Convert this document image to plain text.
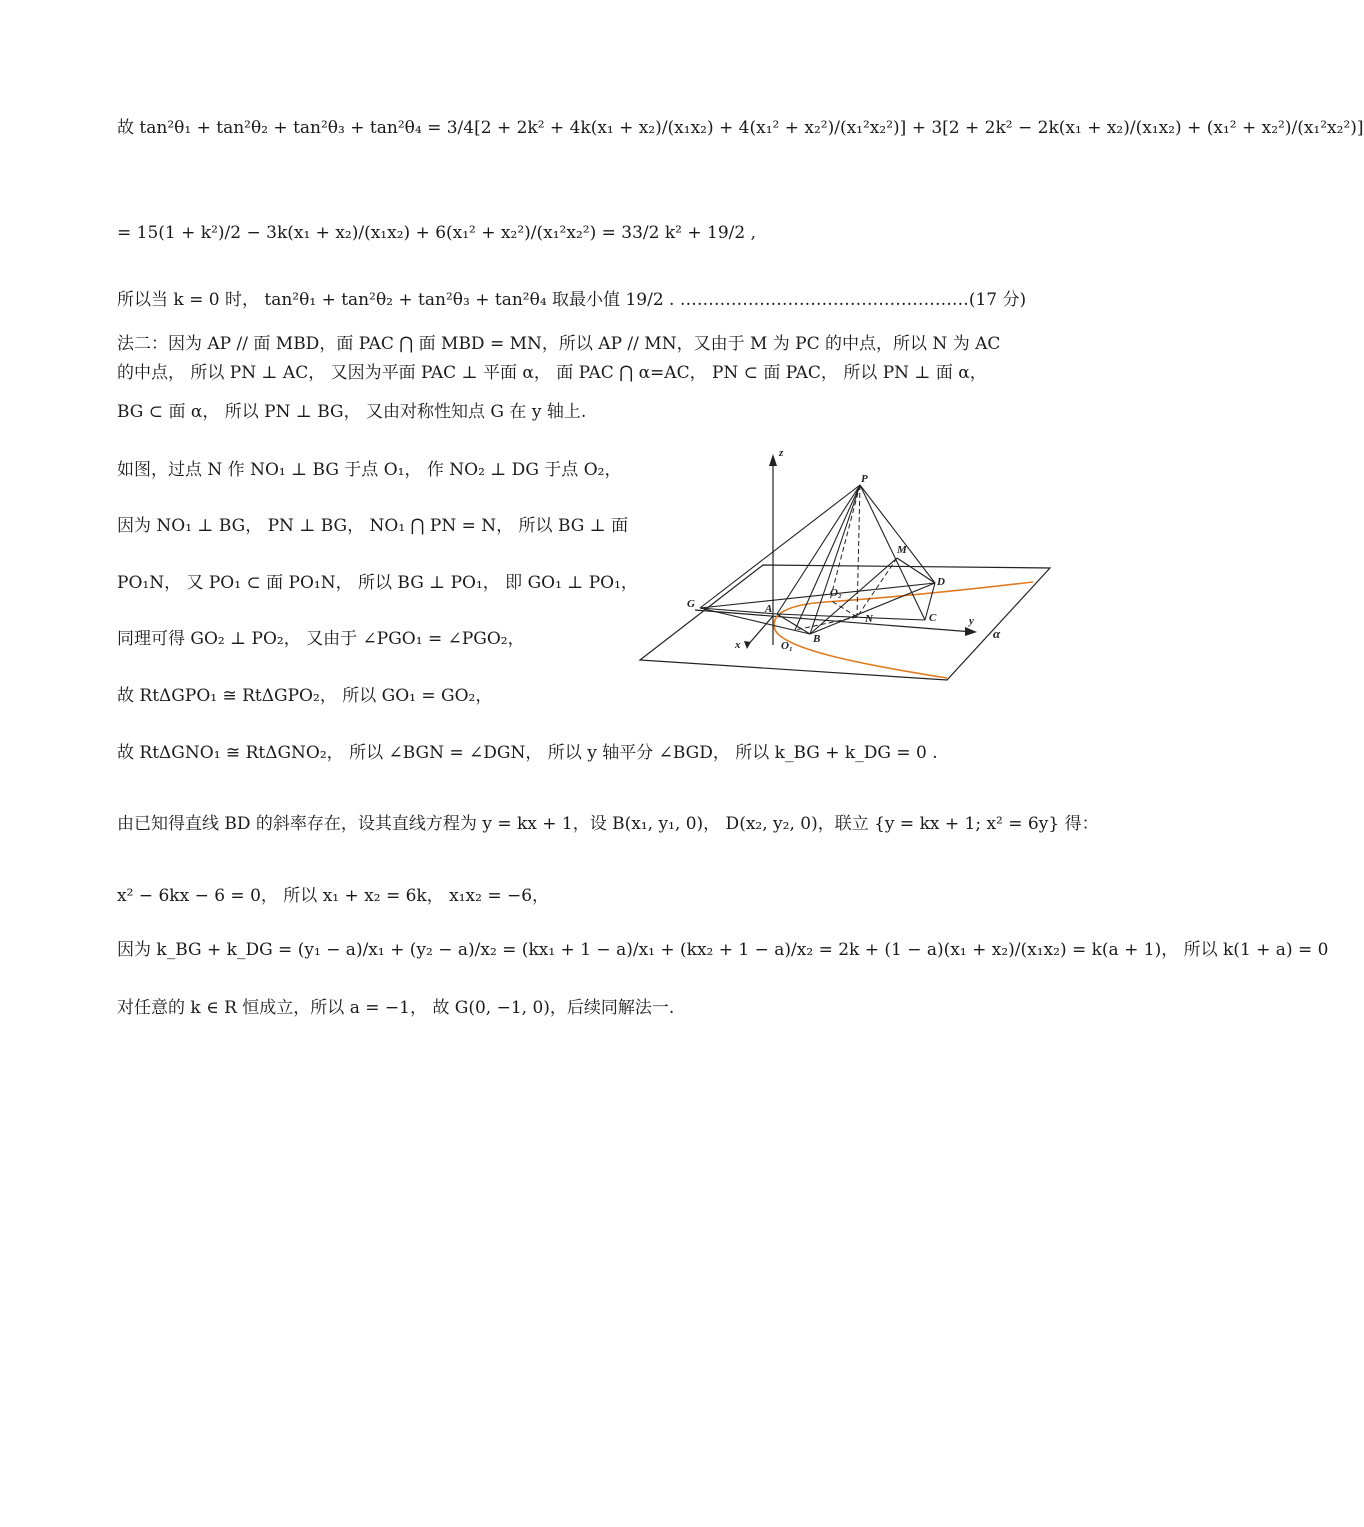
故 tan²θ₁ + tan²θ₂ + tan²θ₃ + tan²θ₄ = 3/4[2 + 2k² + 4k(x₁ + x₂)/(x₁x₂) + 4(x₁² + x₂²)/(x₁²x₂²)] + 3[2 + 2k² − 2k(x₁ + x₂)/(x₁x₂) + (x₁² + x₂²)/(x₁²x₂²)]
= 15(1 + k²)/2 − 3k(x₁ + x₂)/(x₁x₂) + 6(x₁² + x₂²)/(x₁²x₂²) = 33/2 k² + 19/2 ,
所以当 k = 0 时， tan²θ₁ + tan²θ₂ + tan²θ₃ + tan²θ₄ 取最小值 19/2 . ……………………………………………(17 分)
法二：因为 AP // 面 MBD，面 PAC ⋂ 面 MBD = MN，所以 AP // MN，又由于 M 为 PC 的中点，所以 N 为 AC
的中点， 所以 PN ⊥ AC， 又因为平面 PAC ⊥ 平面 α， 面 PAC ⋂ α=AC， PN ⊂ 面 PAC， 所以 PN ⊥ 面 α，
BG ⊂ 面 α， 所以 PN ⊥ BG， 又由对称性知点 G 在 y 轴上.
如图，过点 N 作 NO₁ ⊥ BG 于点 O₁， 作 NO₂ ⊥ DG 于点 O₂，
因为 NO₁ ⊥ BG， PN ⊥ BG， NO₁ ⋂ PN = N， 所以 BG ⊥ 面
PO₁N， 又 PO₁ ⊂ 面 PO₁N， 所以 BG ⊥ PO₁， 即 GO₁ ⊥ PO₁，
同理可得 GO₂ ⊥ PO₂， 又由于 ∠PGO₁ = ∠PGO₂，
故 RtΔGPO₁ ≅ RtΔGPO₂， 所以 GO₁ = GO₂，
故 RtΔGNO₁ ≅ RtΔGNO₂， 所以 ∠BGN = ∠DGN， 所以 y 轴平分 ∠BGD， 所以 k_BG + k_DG = 0 .
由已知得直线 BD 的斜率存在，设其直线方程为 y = kx + 1，设 B(x₁, y₁, 0)， D(x₂, y₂, 0)，联立 {y = kx + 1; x² = 6y} 得：
x² − 6kx − 6 = 0， 所以 x₁ + x₂ = 6k， x₁x₂ = −6，
因为 k_BG + k_DG = (y₁ − a)/x₁ + (y₂ − a)/x₂ = (kx₁ + 1 − a)/x₁ + (kx₂ + 1 − a)/x₂ = 2k + (1 − a)(x₁ + x₂)/(x₁x₂) = k(a + 1)， 所以 k(1 + a) = 0
对任意的 k ∈ R 恒成立，所以 a = −1， 故 G(0, −1, 0)，后续同解法一.
z
P
M
D
G	A
O₂
N	C	y
α
x	O₁
B
